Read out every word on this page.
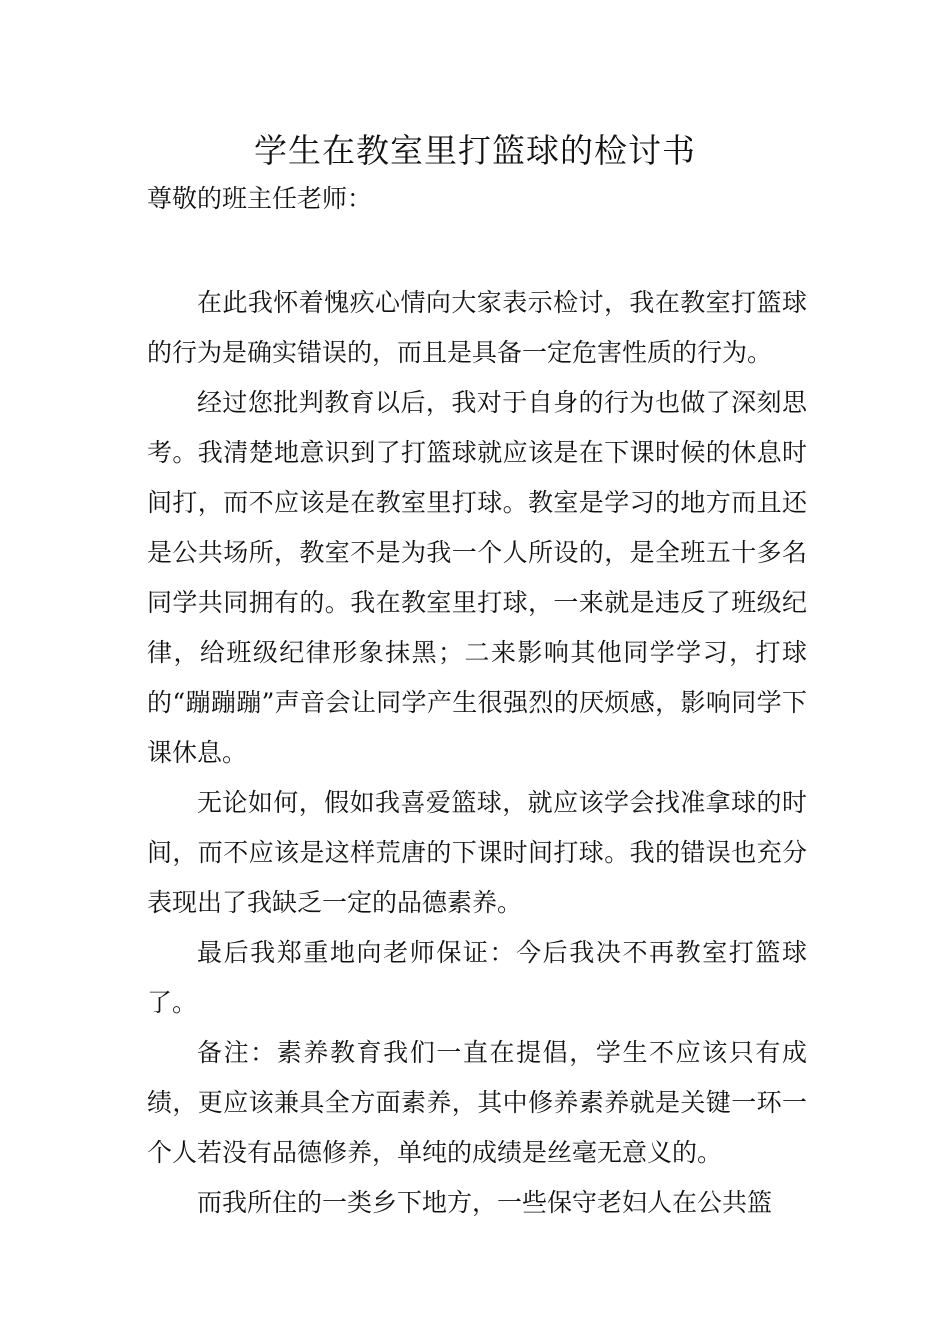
学生在教室里打篮球的检讨书

尊敬的班主任老师：

在此我怀着愧疚心情向大家表示检讨，我在教室打篮球的行为是确实错误的，而且是具备一定危害性质的行为。

经过您批判教育以后，我对于自身的行为也做了深刻思考。我清楚地意识到了打篮球就应该是在下课时候的休息时间打，而不应该是在教室里打球。教室是学习的地方而且还是公共场所，教室不是为我一个人所设的，是全班五十多名同学共同拥有的。我在教室里打球，一来就是违反了班级纪律，给班级纪律形象抹黑；二来影响其他同学学习，打球的“蹦蹦蹦”声音会让同学产生很强烈的厌烦感，影响同学下课休息。

无论如何，假如我喜爱篮球，就应该学会找准拿球的时间，而不应该是这样荒唐的下课时间打球。我的错误也充分表现出了我缺乏一定的品德素养。

最后我郑重地向老师保证：今后我决不再教室打篮球了。

备注：素养教育我们一直在提倡，学生不应该只有成绩，更应该兼具全方面素养，其中修养素养就是关键一环一个人若没有品德修养，单纯的成绩是丝毫无意义的。

而我所住的一类乡下地方，一些保守老妇人在公共篮
